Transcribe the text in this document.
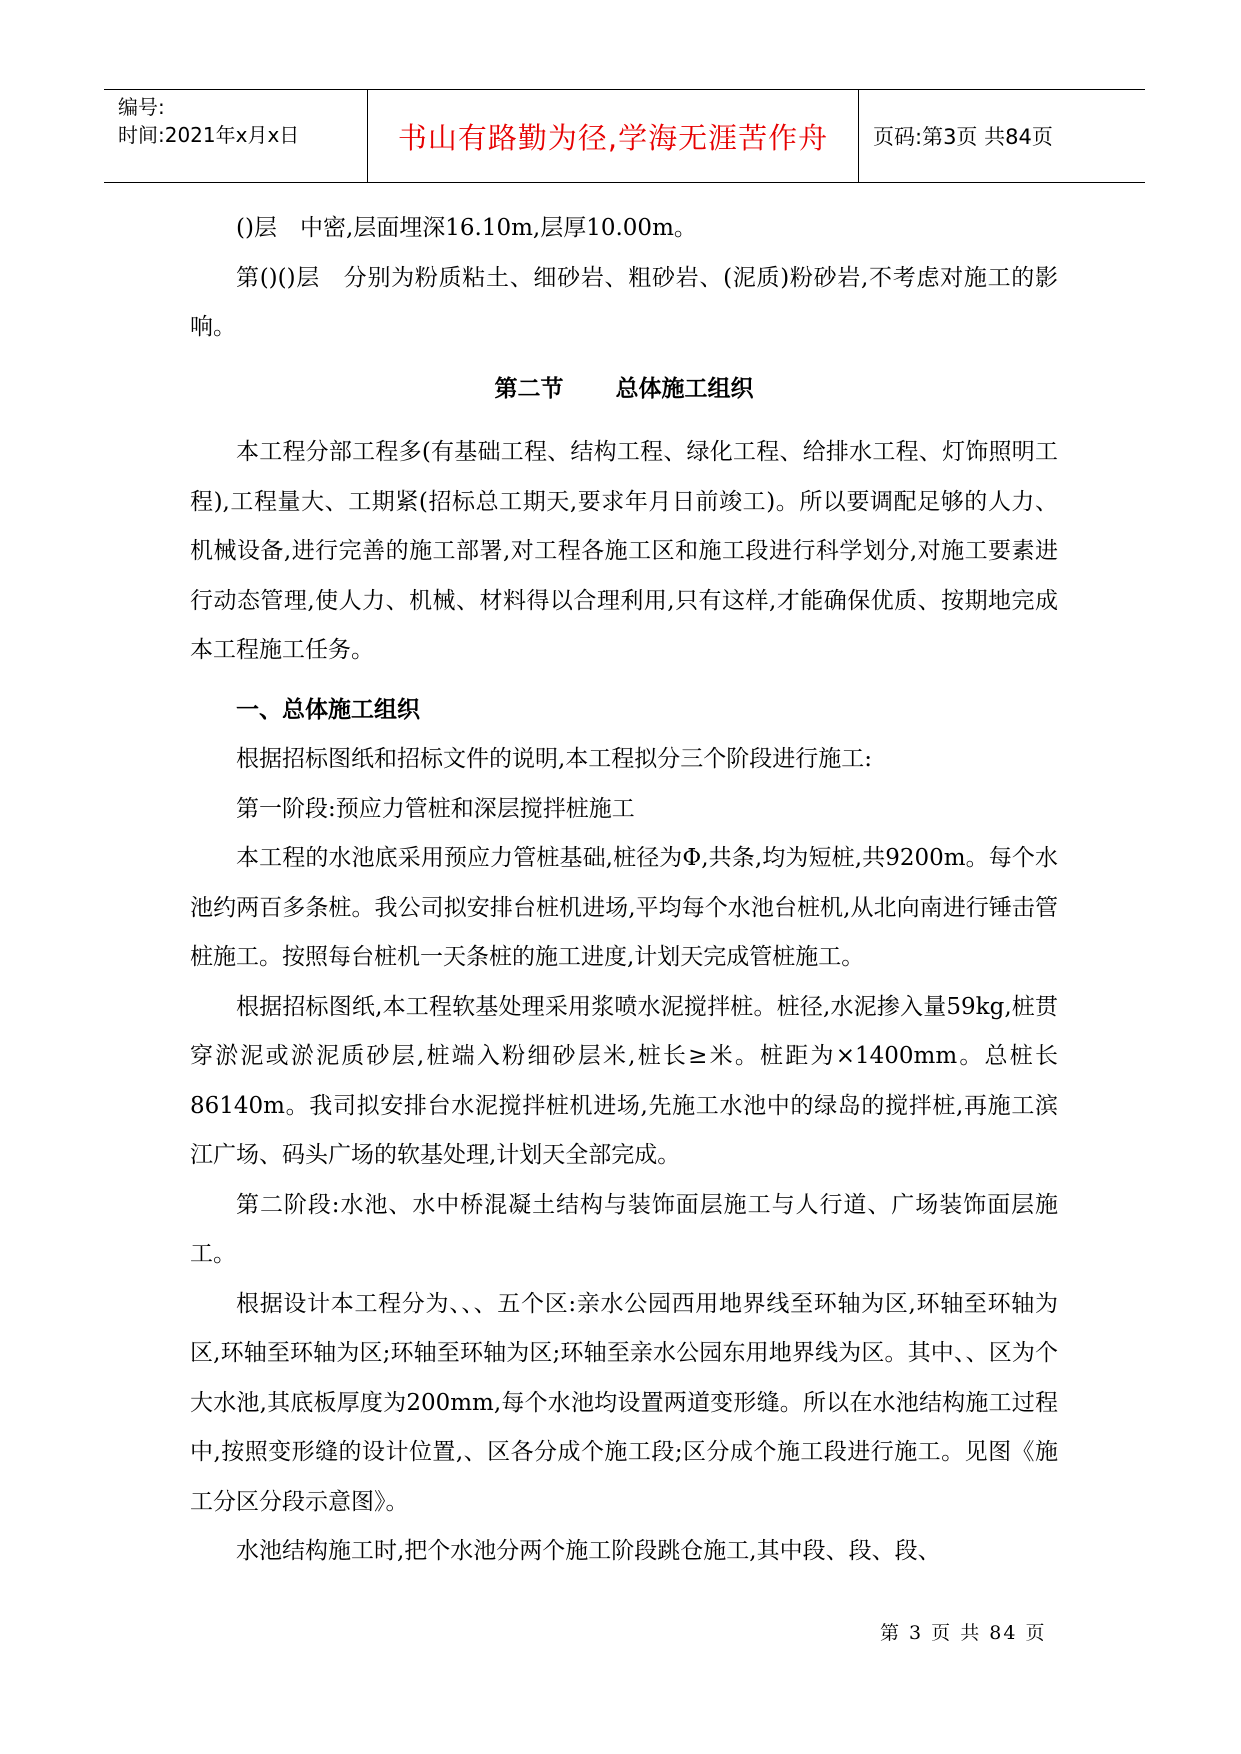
编号:
时间:2021年x月x日	书山有路勤为径,学海无涯苦作舟	页码:第3页 共84页

()层　中密,层面埋深16.10m,层厚10.00m。

第()()层　分别为粉质粘土、细砂岩、粗砂岩、(泥质)粉砂岩,不考虑对施工的影响。

第二节 总体施工组织

本工程分部工程多(有基础工程、结构工程、绿化工程、给排水工程、灯饰照明工程),工程量大、工期紧(招标总工期天,要求年月日前竣工)。所以要调配足够的人力、机械设备,进行完善的施工部署,对工程各施工区和施工段进行科学划分,对施工要素进行动态管理,使人力、机械、材料得以合理利用,只有这样,才能确保优质、按期地完成本工程施工任务。

一、总体施工组织

根据招标图纸和招标文件的说明,本工程拟分三个阶段进行施工:

第一阶段:预应力管桩和深层搅拌桩施工

本工程的水池底采用预应力管桩基础,桩径为Φ,共条,均为短桩,共9200m。每个水池约两百多条桩。我公司拟安排台桩机进场,平均每个水池台桩机,从北向南进行锤击管桩施工。按照每台桩机一天条桩的施工进度,计划天完成管桩施工。

根据招标图纸,本工程软基处理采用浆喷水泥搅拌桩。桩径,水泥掺入量59kg,桩贯穿淤泥或淤泥质砂层,桩端入粉细砂层米,桩长≥米。桩距为×1400mm。总桩长86140m。我司拟安排台水泥搅拌桩机进场,先施工水池中的绿岛的搅拌桩,再施工滨江广场、码头广场的软基处理,计划天全部完成。

第二阶段:水池、水中桥混凝土结构与装饰面层施工与人行道、广场装饰面层施工。

根据设计本工程分为、、、五个区:亲水公园西用地界线至环轴为区,环轴至环轴为区,环轴至环轴为区;环轴至环轴为区;环轴至亲水公园东用地界线为区。其中、、区为个大水池,其底板厚度为200mm,每个水池均设置两道变形缝。所以在水池结构施工过程中,按照变形缝的设计位置,、区各分成个施工段;区分成个施工段进行施工。见图《施工分区分段示意图》。

水池结构施工时,把个水池分两个施工阶段跳仓施工,其中段、段、段、

第 3 页 共 84 页
